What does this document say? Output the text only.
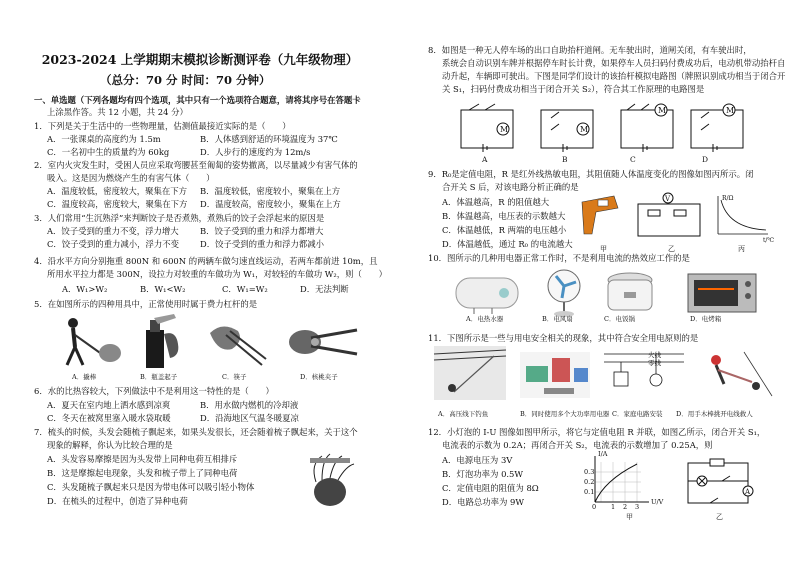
2023-2024 上学期期末模拟诊断测评卷（九年级物理）
（总分：70 分 时间：70 分钟）
一、单选题（下列各题均有四个选项，其中只有一个选项符合题意，请将其序号在答题卡
上涂黑作答。共 12 小题，共 24 分）
1．下列是关于生活中的一些物理量，估测值最接近实际的是（　　）
A．一张课桌的高度约为 1.5m	B．人体感到舒适的环境温度为 37℃
C．一名初中生的质量约为 60kg	D．人步行的速度约为 12m/s
2．室内火灾发生时，受困人员应采取弯腰甚至匍匐的姿势撤离，以尽量减少有害气体的
吸入。这是因为燃烧产生的有害气体（　　）
A．温度较低，密度较大，聚集在下方 B．温度较低，密度较小，聚集在上方
C．温度较高，密度较大，聚集在下方 D．温度较高，密度较小，聚集在上方
3．人们常用“生沉熟浮”来判断饺子是否煮熟，煮熟后的饺子会浮起来的原因是
A．饺子受到的重力不变，浮力增大	B．饺子受到的重力和浮力都增大
C．饺子受到的重力减小，浮力不变 D．饺子受到的重力和浮力都减小
4．沿水平方向分别拖重 800N 和 600N 的两辆车做匀速直线运动，若两车都前进 10m，且
所用水平拉力都是 300N，设拉力对较重的车做功为 W₁，对较轻的车做功 W₂，则（　　）
A．W₁>W₂	B．W₁<W₂	C．W₁=W₂	D．无法判断
5．在如图所示的四种用具中，正常使用时属于费力杠杆的是
A．撬棒	B．瓶盖起子	C．筷子	D．核桃夹子
6．水的比热容较大，下列做法中不是利用这一特性的是（　　）
A．夏天在室内地上洒水感到凉爽	B．用水做内燃机的冷却液
C．冬天在被窝里塞入暖水袋取暖	D．沿海地区气温冬暖夏凉
7．梳头的时候，头发会随梳子飘起来，如果头发很长，还会随着梳子飘起来，关于这个
现象的解释，你认为比较合理的是
A．头发容易摩擦是因为头发带上同种电荷互相排斥
B．这是摩擦起电现象，头发和梳子带上了同种电荷
C．头发随梳子飘起来只是因为带电体可以吸引轻小物体
D．在梳头的过程中，创造了异种电荷
8．如图是一种无人停车场的出口自助抬杆道闸。无车驶出时，道闸关闭，有车驶出时，
系统会自动识别车牌并根据停车时长计费，如果停车人员扫码付费成功后，电动机带动抬杆自
动升起，车辆即可驶出。下图是同学们设计的该抬杆模拟电路图（牌照识别成功相当于闭合开
关 S₁，扫码付费成功相当于闭合开关 S₂），符合其工作原理的电路图是
M	M
M	M
A	B	C	D
9．R₀是定值电阻，R 是红外线热敏电阻，其阻值随人体温度变化的图像如图丙所示。闭
合开关 S 后，对该电路分析正确的是
A．体温越高，R 的阻值越大
B．体温越高，电压表的示数越大
C．体温越低，R 两端的电压越小
D．体温越低，通过 R₀ 的电流越大
V	R/Ω
t/℃
甲	乙	丙
10．图所示的几种用电器正常工作时，不是利用电流的热效应工作的是
A．电热水器	B．电风扇	C．电饭锅	D．电烤箱
11．下图所示是一些与用电安全相关的现象，其中符合安全用电原则的是
火线
零线
A．高压线下钓鱼	B．同时使用多个大功率用电器 C．家庭电路安装 D．用手木棒挑开电线救人
12．小灯泡的 I-U 图像如图甲所示，将它与定值电阻 R 并联，如图乙所示，闭合开关 S₁，
电流表的示数为 0.2A；再闭合开关 S₂，电流表的示数增加了 0.25A，则
A．电源电压为 3V
B．灯泡功率为 0.5W
C．定值电阻的阻值为 8Ω
D．电路总功率为 9W
I/A
U/V
0.3
0.2
0.1
0 1 2 3
甲
A
乙
